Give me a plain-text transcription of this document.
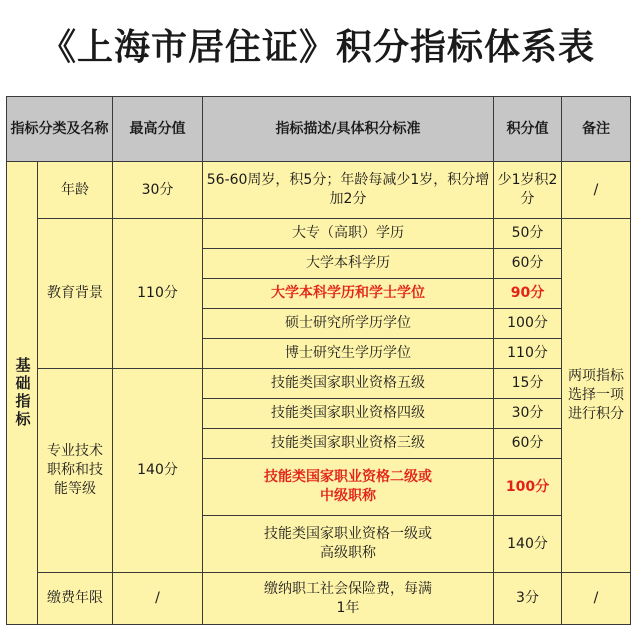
《上海市居住证》积分指标体系表
指标分类及名称		最高分值	指标描述/具体积分标准	积分值	备注

基础指标	年龄	30分	56-60周岁，积5分；年龄每减少1岁，积分增加2分	少1岁积2分	/
	教育背景	110分	大专（高职）学历	50分	两项指标选择一项进行积分
			大学本科学历	60分	
			大学本科学历和学士学位	90分	
			硕士研究所学历学位	100分	
			博士研究生学历学位	110分	
	专业技术职称和技能等级	140分	技能类国家职业资格五级	15分	
			技能类国家职业资格四级	30分	
			技能类国家职业资格三级	60分	
			技能类国家职业资格二级或中级职称	100分	
			技能类国家职业资格一级或高级职称	140分	
	缴费年限	/	缴纳职工社会保险费，每满1年	3分	/
